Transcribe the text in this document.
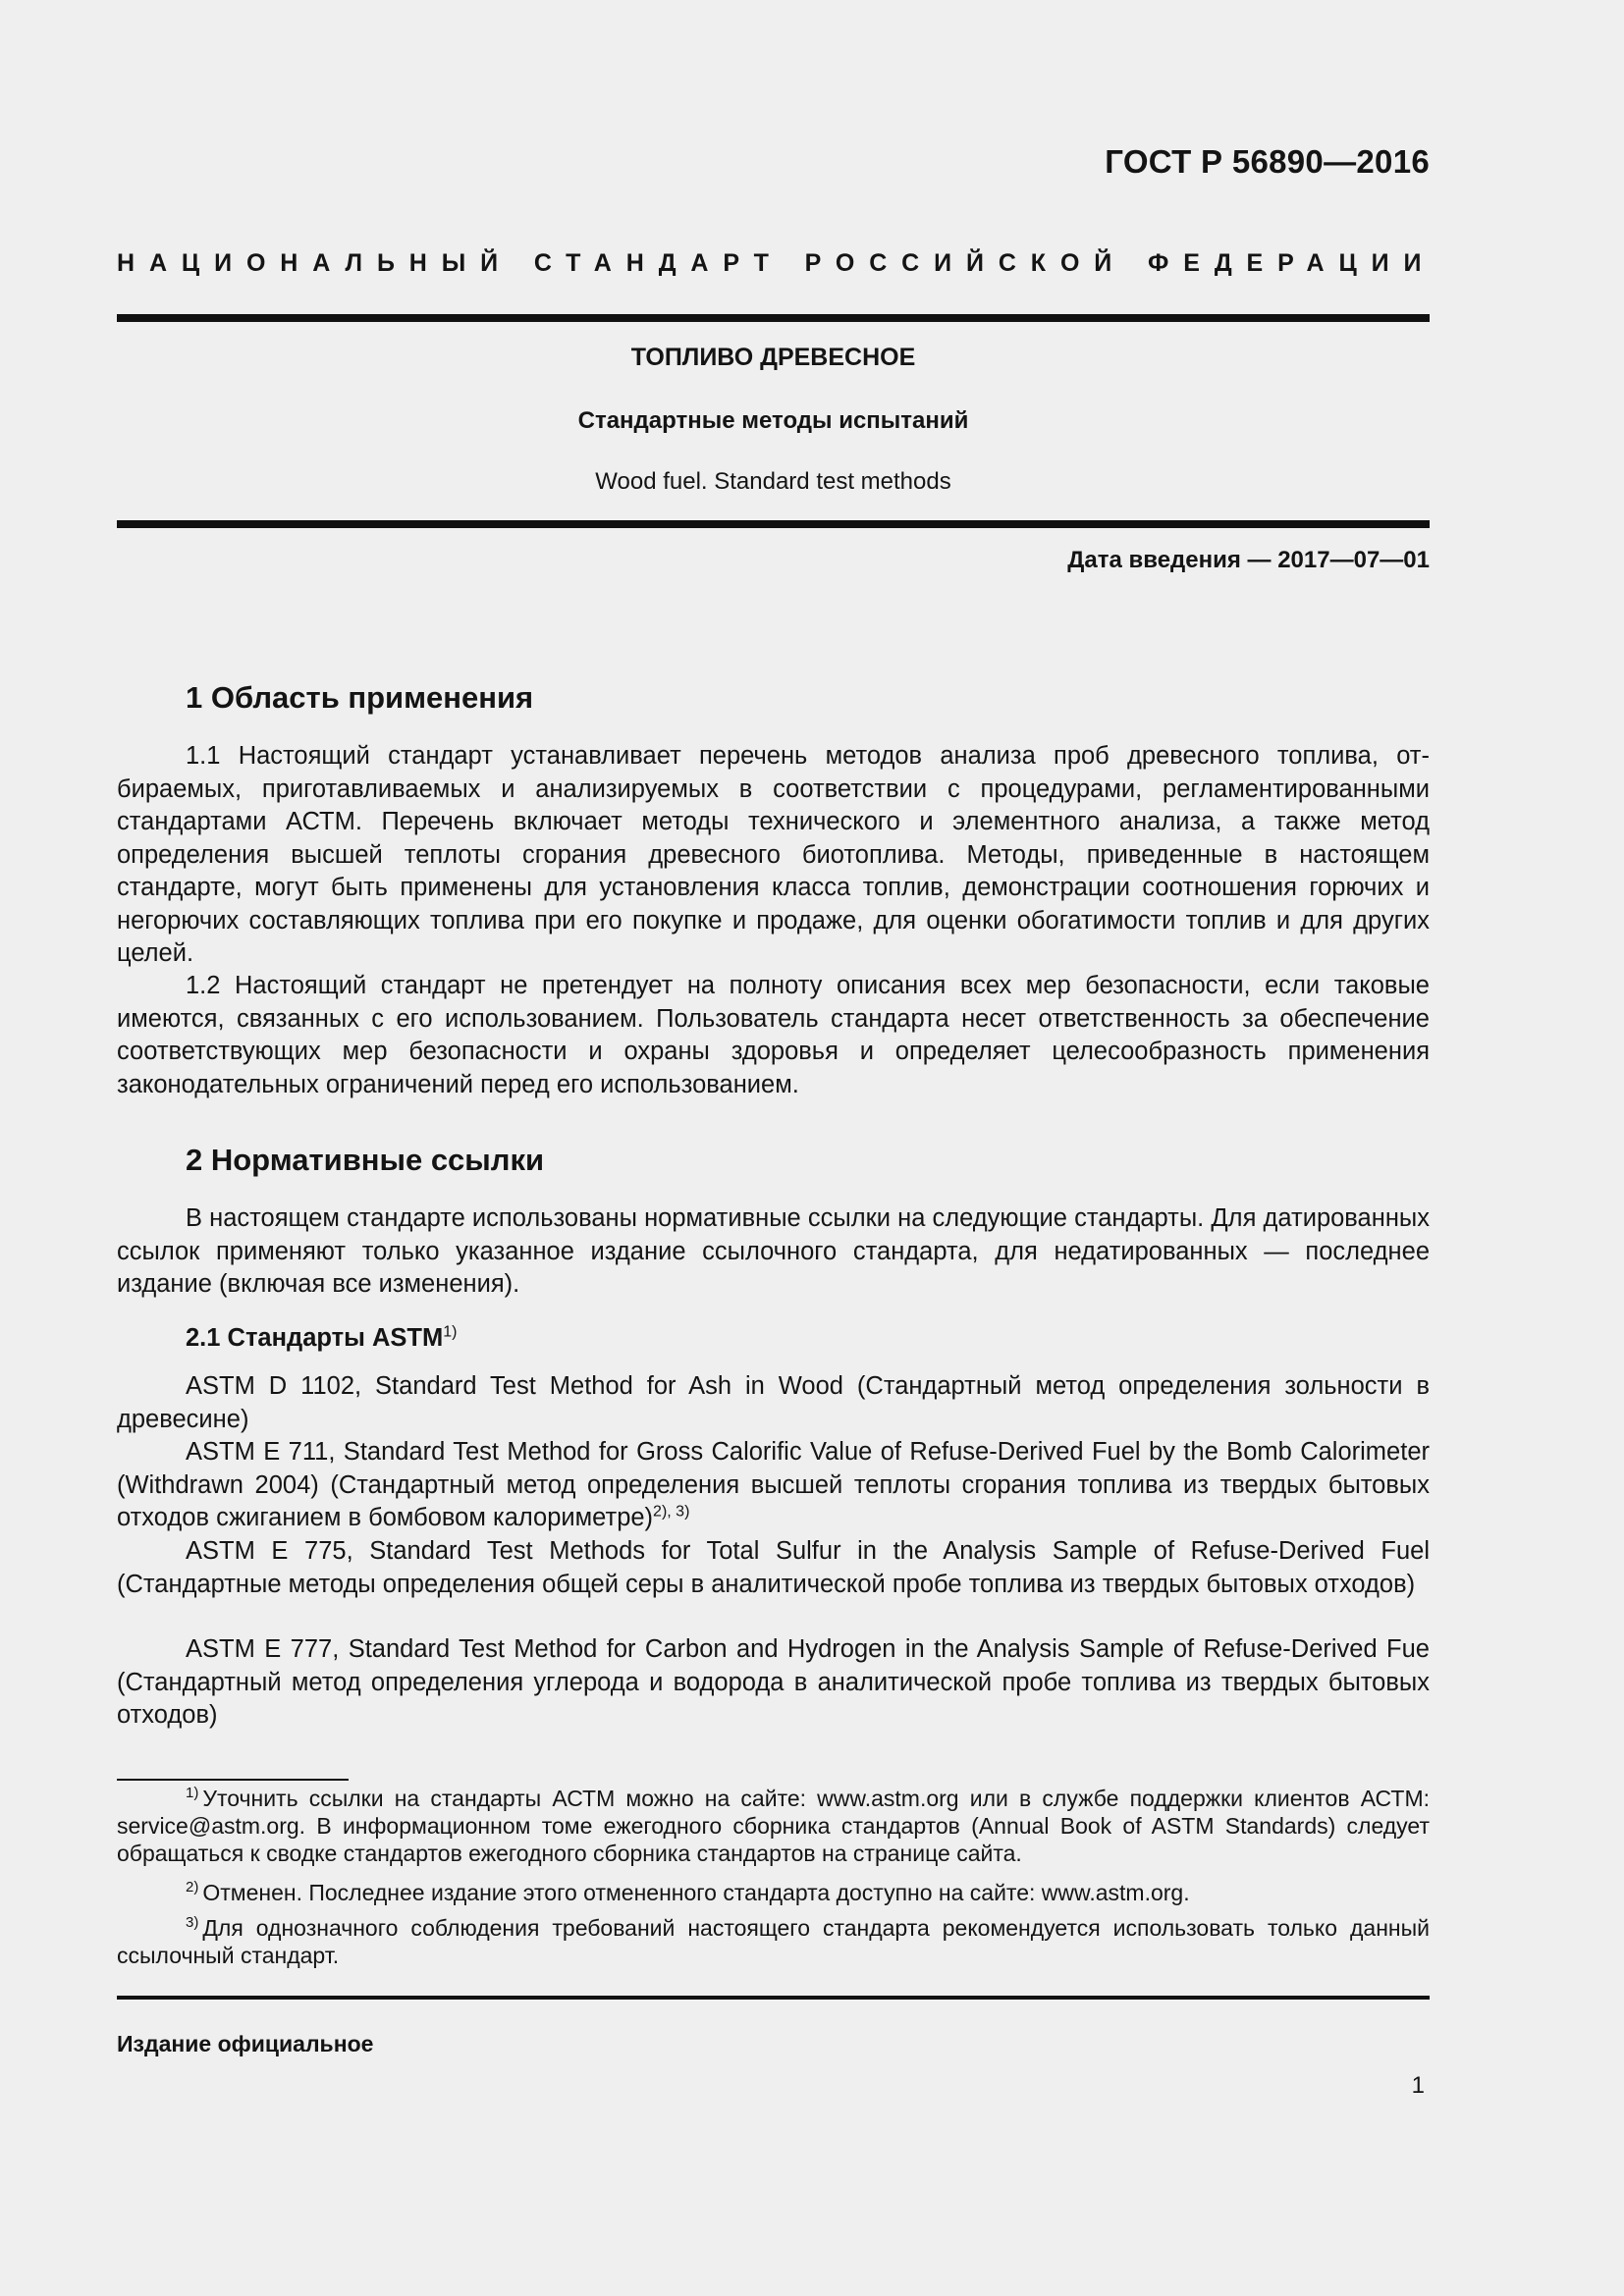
ГОСТ Р 56890—2016
НАЦИОНАЛЬНЫЙ СТАНДАРТ РОССИЙСКОЙ ФЕДЕРАЦИИ
ТОПЛИВО ДРЕВЕСНОЕ
Стандартные методы испытаний
Wood fuel. Standard test methods
Дата введения — 2017—07—01
1 Область применения

1.1 Настоящий стандарт устанавливает перечень методов анализа проб древесного топлива, отбираемых, приготавливаемых и анализируемых в соответствии с процедурами, регламентированными стандартами АСТМ. Перечень включает методы технического и элементного анализа, а также метод определения высшей теплоты сгорания древесного биотоплива. Методы, приведенные в настоящем стандарте, могут быть применены для установления класса топлив, демонстрации соотношения горючих и негорючих составляющих топлива при его покупке и продаже, для оценки обогатимости топлив и для других целей.

1.2 Настоящий стандарт не претендует на полноту описания всех мер безопасности, если таковые имеются, связанных с его использованием. Пользователь стандарта несет ответственность за обеспечение соответствующих мер безопасности и охраны здоровья и определяет целесообразность применения законодательных ограничений перед его использованием.

2 Нормативные ссылки

В настоящем стандарте использованы нормативные ссылки на следующие стандарты. Для датированных ссылок применяют только указанное издание ссылочного стандарта, для недатированных — последнее издание (включая все изменения).

2.1 Стандарты ASTM$^{1)}$

ASTM D 1102, Standard Test Method for Ash in Wood (Стандартный метод определения зольности в древесине)

ASTM E 711, Standard Test Method for Gross Calorific Value of Refuse-Derived Fuel by the Bomb Calorimeter (Withdrawn 2004) (Стандартный метод определения высшей теплоты сгорания топлива из твердых бытовых отходов сжиганием в бомбовом калориметре)$^{2), 3)}$

ASTM E 775, Standard Test Methods for Total Sulfur in the Analysis Sample of Refuse-Derived Fuel (Стандартные методы определения общей серы в аналитической пробе топлива из твердых бытовых отходов)

ASTM E 777, Standard Test Method for Carbon and Hydrogen in the Analysis Sample of Refuse-Derived Fue (Стандартный метод определения углерода и водорода в аналитической пробе топлива из твердых бытовых отходов)

$^{1)}$ Уточнить ссылки на стандарты АСТМ можно на сайте: www.astm.org или в службе поддержки клиентов АСТМ: service@astm.org. В информационном томе ежегодного сборника стандартов (Annual Book of ASTM Standards) следует обращаться к сводке стандартов ежегодного сборника стандартов на странице сайта.

$^{2)}$ Отменен. Последнее издание этого отмененного стандарта доступно на сайте: www.astm.org.

$^{3)}$ Для однозначного соблюдения требований настоящего стандарта рекомендуется использовать только данный ссылочный стандарт.

Издание официальное
1
